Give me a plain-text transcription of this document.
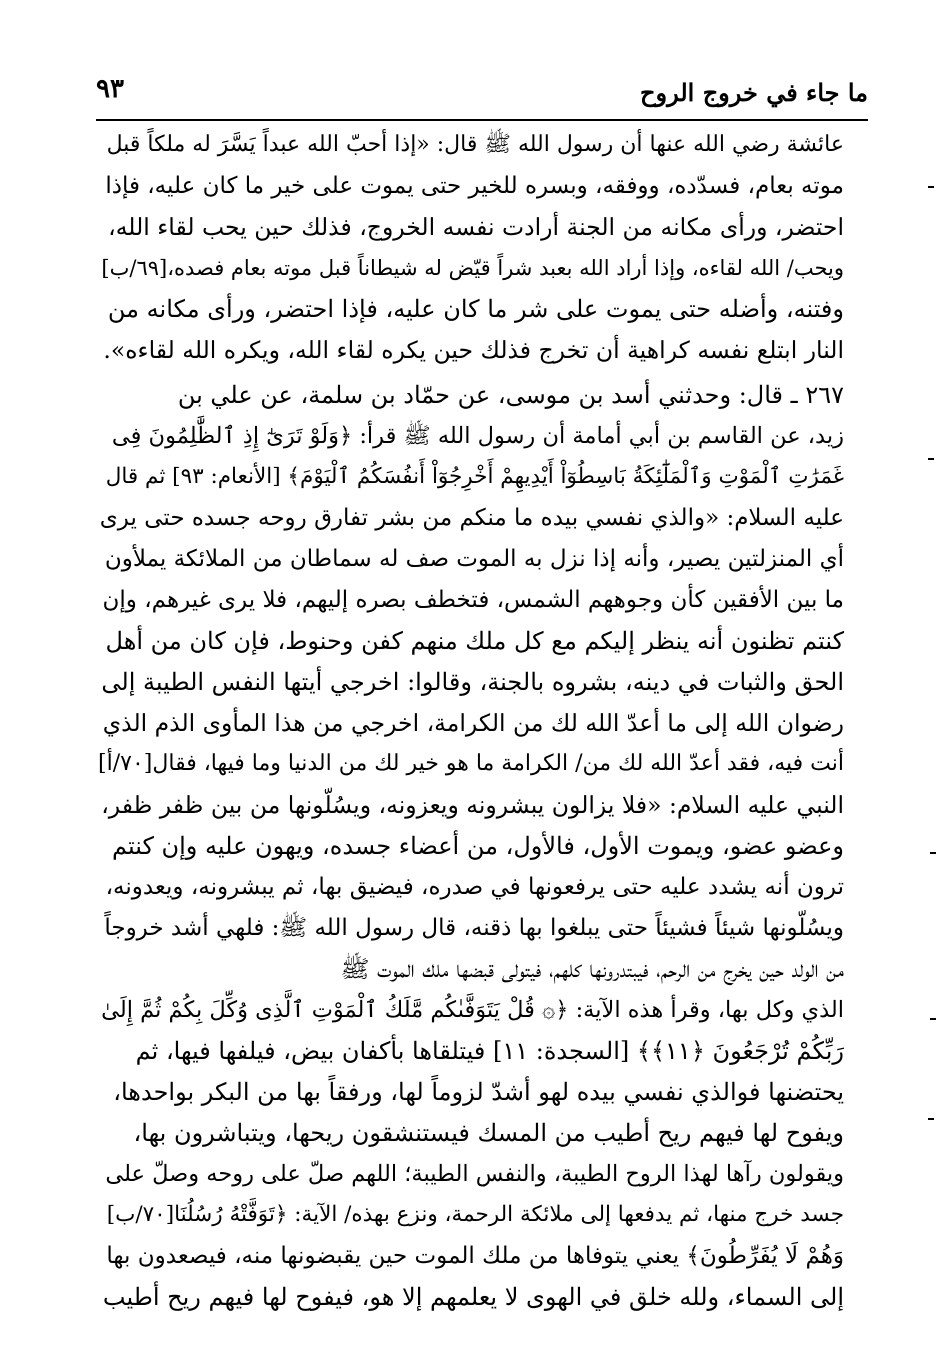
ما جاء في خروج الروح
٩٣
عائشة رضي الله عنها أن رسول الله ﷺ قال: «إذا أحبّ الله عبداً يَسَّرَ له ملكاً قبل
موته بعام، فسدّده، ووفقه، وبسره للخير حتى يموت على خير ما كان عليه، فإذا
احتضر، ورأى مكانه من الجنة أرادت نفسه الخروج، فذلك حين يحب لقاء الله،
ويحب/ الله لقاءه، وإذا أراد الله بعبد شراً قيّض له شيطاناً قبل موته بعام فصده،[٦٩/ب]
وفتنه، وأضله حتى يموت على شر ما كان عليه، فإذا احتضر، ورأى مكانه من
النار ابتلع نفسه كراهية أن تخرج فذلك حين يكره لقاء الله، ويكره الله لقاءه».
٢٦٧ ـ قال: وحدثني أسد بن موسى، عن حمّاد بن سلمة، عن علي بن
زيد، عن القاسم بن أبي أمامة أن رسول الله ﷺ قرأ: ﴿وَلَوْ تَرَىٰٓ إِذِ ٱلظَّٰلِمُونَ فِى
غَمَرَٰتِ ٱلْمَوْتِ وَٱلْمَلَٰٓئِكَةُ بَاسِطُوٓاْ أَيْدِيهِمْ أَخْرِجُوٓاْ أَنفُسَكُمُ ٱلْيَوْمَ﴾ [الأنعام: ٩٣] ثم قال
عليه السلام: «والذي نفسي بيده ما منكم من بشر تفارق روحه جسده حتى يرى
أي المنزلتين يصير، وأنه إذا نزل به الموت صف له سماطان من الملائكة يملأون
ما بين الأفقين كأن وجوههم الشمس، فتخطف بصره إليهم، فلا يرى غيرهم، وإن
كنتم تظنون أنه ينظر إليكم مع كل ملك منهم كفن وحنوط، فإن كان من أهل
الحق والثبات في دينه، بشروه بالجنة، وقالوا: اخرجي أيتها النفس الطيبة إلى
رضوان الله إلى ما أعدّ الله لك من الكرامة، اخرجي من هذا المأوى الذم الذي
أنت فيه، فقد أعدّ الله لك من/ الكرامة ما هو خير لك من الدنيا وما فيها، فقال[٧٠/أ]
النبي عليه السلام: «فلا يزالون يبشرونه ويعزونه، ويسُلّونها من بين ظفر ظفر،
وعضو عضو، ويموت الأول، فالأول، من أعضاء جسده، ويهون عليه وإن كنتم
ترون أنه يشدد عليه حتى يرفعونها في صدره، فيضيق بها، ثم يبشرونه، ويعدونه،
ويسُلّونها شيئاً فشيئاً حتى يبلغوا بها ذقنه، قال رسول الله ﷺ: فلهي أشد خروجاً
من الولد حين يخرج من الرحم، فيبتدرونها كلهم، فيتولى قبضها ملك الموت ﷺ
الذي وكل بها، وقرأ هذه الآية: ﴿۞ قُلْ يَتَوَفَّىٰكُم مَّلَكُ ٱلْمَوْتِ ٱلَّذِى وُكِّلَ بِكُمْ ثُمَّ إِلَىٰ
رَبِّكُمْ تُرْجَعُونَ ﴿١١﴾﴾ [السجدة: ١١] فيتلقاها بأكفان بيض، فيلفها فيها، ثم
يحتضنها فوالذي نفسي بيده لهو أشدّ لزوماً لها، ورفقاً بها من البكر بواحدها،
ويفوح لها فيهم ريح أطيب من المسك فيستنشقون ريحها، ويتباشرون بها،
ويقولون رآها لهذا الروح الطيبة، والنفس الطيبة؛ اللهم صلّ على روحه وصلّ على
جسد خرج منها، ثم يدفعها إلى ملائكة الرحمة، ونزع بهذه/ الآية: ﴿تَوَفَّتْهُ رُسُلُنَا[٧٠/ب]
وَهُمْ لَا يُفَرِّطُونَ﴾ يعني يتوفاها من ملك الموت حين يقبضونها منه، فيصعدون بها
إلى السماء، ولله خلق في الهوى لا يعلمهم إلا هو، فيفوح لها فيهم ريح أطيب
